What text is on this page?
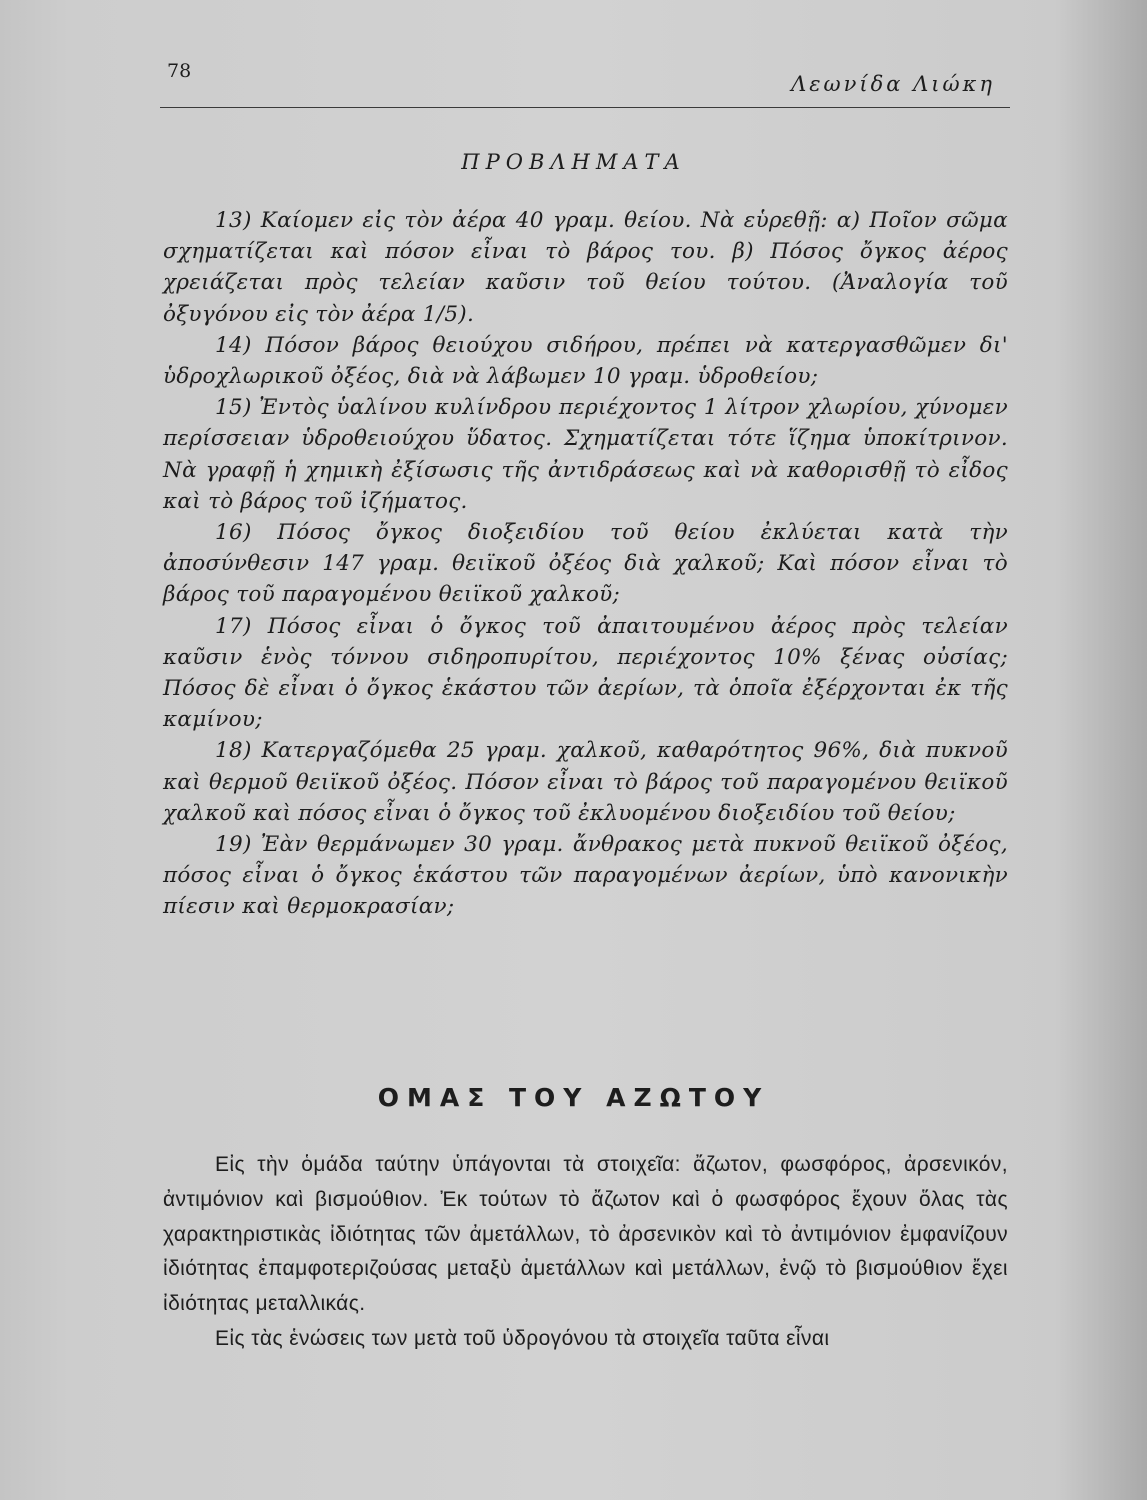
78
Λεωνίδα Λιώκη
ΠΡΟΒΛΗΜΑΤΑ

13) Καίομεν εἰς τὸν ἀέρα 40 γραμ. θείου. Νὰ εὑρεθῇ: α) Ποῖον σῶμα σχηματίζεται καὶ πόσον εἶναι τὸ βάρος του. β) Πόσος ὄγκος ἀέρος χρειάζεται πρὸς τελείαν καῦσιν τοῦ θείου τούτου. (Ἀναλογία τοῦ ὀξυγόνου εἰς τὸν ἀέρα 1/5).

14) Πόσον βάρος θειούχου σιδήρου, πρέπει νὰ κατεργασθῶμεν δι' ὑδροχλωρικοῦ ὀξέος, διὰ νὰ λάβωμεν 10 γραμ. ὑδροθείου;

15) Ἐντὸς ὑαλίνου κυλίνδρου περιέχοντος 1 λίτρον χλωρίου, χύνομεν περίσσειαν ὑδροθειούχου ὕδατος. Σχηματίζεται τότε ἵζημα ὑποκίτρινον. Νὰ γραφῇ ἡ χημικὴ ἐξίσωσις τῆς ἀντιδράσεως καὶ νὰ καθορισθῇ τὸ εἶδος καὶ τὸ βάρος τοῦ ἰζήματος.

16) Πόσος ὄγκος διοξειδίου τοῦ θείου ἐκλύεται κατὰ τὴν ἀποσύνθεσιν 147 γραμ. θειϊκοῦ ὀξέος διὰ χαλκοῦ; Καὶ πόσον εἶναι τὸ βάρος τοῦ παραγομένου θειϊκοῦ χαλκοῦ;

17) Πόσος εἶναι ὁ ὄγκος τοῦ ἀπαιτουμένου ἀέρος πρὸς τελείαν καῦσιν ἑνὸς τόννου σιδηροπυρίτου, περιέχοντος 10% ξένας οὐσίας; Πόσος δὲ εἶναι ὁ ὄγκος ἑκάστου τῶν ἀερίων, τὰ ὁποῖα ἐξέρχονται ἐκ τῆς καμίνου;

18) Κατεργαζόμεθα 25 γραμ. χαλκοῦ, καθαρότητος 96%, διὰ πυκνοῦ καὶ θερμοῦ θειϊκοῦ ὀξέος. Πόσον εἶναι τὸ βάρος τοῦ παραγομένου θειϊκοῦ χαλκοῦ καὶ πόσος εἶναι ὁ ὄγκος τοῦ ἐκλυομένου διοξειδίου τοῦ θείου;

19) Ἐὰν θερμάνωμεν 30 γραμ. ἄνθρακος μετὰ πυκνοῦ θειϊκοῦ ὀξέος, πόσος εἶναι ὁ ὄγκος ἑκάστου τῶν παραγομένων ἀερίων, ὑπὸ κανονικὴν πίεσιν καὶ θερμοκρασίαν;

ΟΜΑΣ ΤΟΥ ΑΖΩΤΟΥ

Εἰς τὴν ὁμάδα ταύτην ὑπάγονται τὰ στοιχεῖα: ἄζωτον, φωσφόρος, ἀρσενικόν, ἀντιμόνιον καὶ βισμούθιον. Ἐκ τούτων τὸ ἄζωτον καὶ ὁ φωσφόρος ἔχουν ὅλας τὰς χαρακτηριστικὰς ἰδιότητας τῶν ἀμετάλλων, τὸ ἀρσενικὸν καὶ τὸ ἀντιμόνιον ἐμφανίζουν ἰδιότητας ἐπαμφοτεριζούσας μεταξὺ ἀμετάλλων καὶ μετάλλων, ἐνῷ τὸ βισμούθιον ἔχει ἰδιότητας μεταλλικάς.

Εἰς τὰς ἑνώσεις των μετὰ τοῦ ὑδρογόνου τὰ στοιχεῖα ταῦτα εἶναι
